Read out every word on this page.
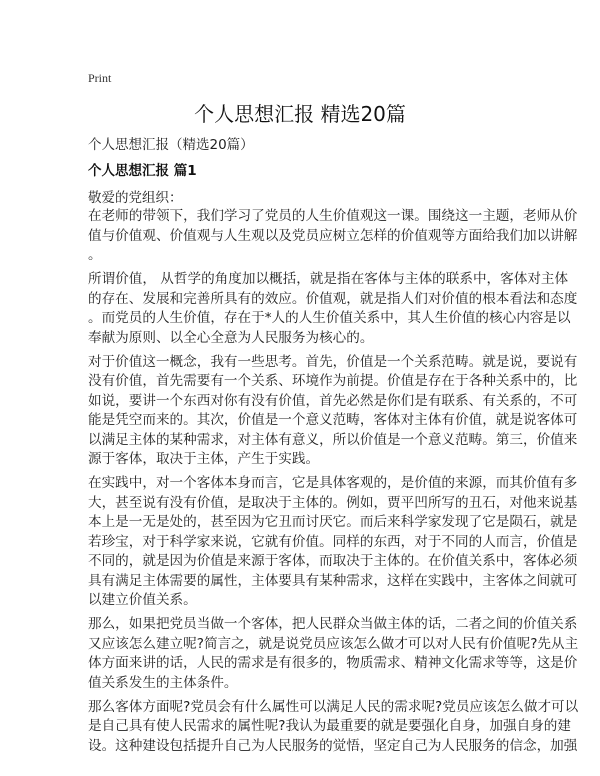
Print
个人思想汇报 精选20篇
个人思想汇报（精选20篇）
个人思想汇报 篇1
敬爱的党组织：
在老师的带领下，我们学习了党员的人生价值观这一课。围绕这一主题，老师从价
值与价值观、价值观与人生观以及党员应树立怎样的价值观等方面给我们加以讲解
。
所谓价值， 从哲学的角度加以概括，就是指在客体与主体的联系中，客体对主体
的存在、发展和完善所具有的效应。价值观，就是指人们对价值的根本看法和态度
。而党员的人生价值，存在于*人的人生价值关系中，其人生价值的核心内容是以
奉献为原则、以全心全意为人民服务为核心的。
对于价值这一概念，我有一些思考。首先，价值是一个关系范畴。就是说，要说有
没有价值，首先需要有一个关系、环境作为前提。价值是存在于各种关系中的，比
如说，要讲一个东西对你有没有价值，首先必然是你们是有联系、有关系的，不可
能是凭空而来的。其次，价值是一个意义范畴，客体对主体有价值，就是说客体可
以满足主体的某种需求，对主体有意义，所以价值是一个意义范畴。第三，价值来
源于客体，取决于主体，产生于实践。
在实践中，对一个客体本身而言，它是具体客观的，是价值的来源，而其价值有多
大，甚至说有没有价值，是取决于主体的。例如，贾平凹所写的丑石，对他来说基
本上是一无是处的，甚至因为它丑而讨厌它。而后来科学家发现了它是陨石，就是
若珍宝，对于科学家来说，它就有价值。同样的东西，对于不同的人而言，价值是
不同的，就是因为价值是来源于客体，而取决于主体的。在价值关系中，客体必须
具有满足主体需要的属性，主体要具有某种需求，这样在实践中，主客体之间就可
以建立价值关系。
那么，如果把党员当做一个客体，把人民群众当做主体的话，二者之间的价值关系
又应该怎么建立呢?简言之，就是说党员应该怎么做才可以对人民有价值呢?先从主
体方面来讲的话，人民的需求是有很多的，物质需求、精神文化需求等等，这是价
值关系发生的主体条件。
那么客体方面呢?党员会有什么属性可以满足人民的需求呢?党员应该怎么做才可以
是自己具有使人民需求的属性呢?我认为最重要的就是要强化自身，加强自身的建
设。这种建设包括提升自己为人民服务的觉悟，坚定自己为人民服务的信念，加强
